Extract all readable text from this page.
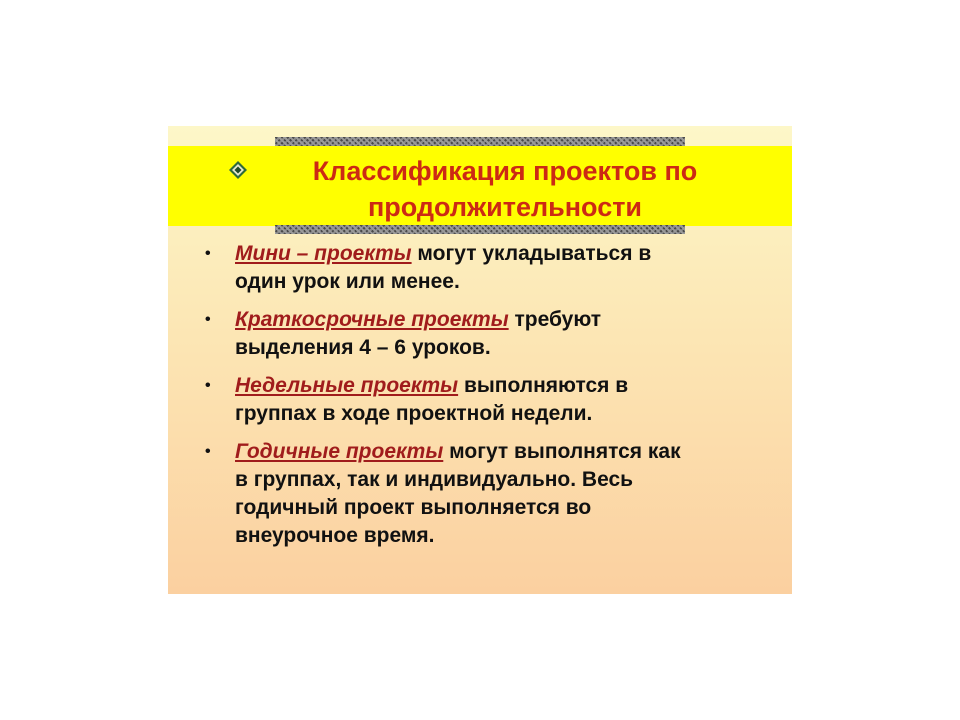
Классификация проектов по
продолжительности
• Мини – проекты могут укладываться в
один урок или менее.
• Краткосрочные проекты требуют
выделения 4 – 6 уроков.
• Недельные проекты выполняются в
группах в ходе проектной недели.
• Годичные проекты могут выполнятся как
в группах, так и индивидуально. Весь
годичный проект выполняется во
внеурочное время.
